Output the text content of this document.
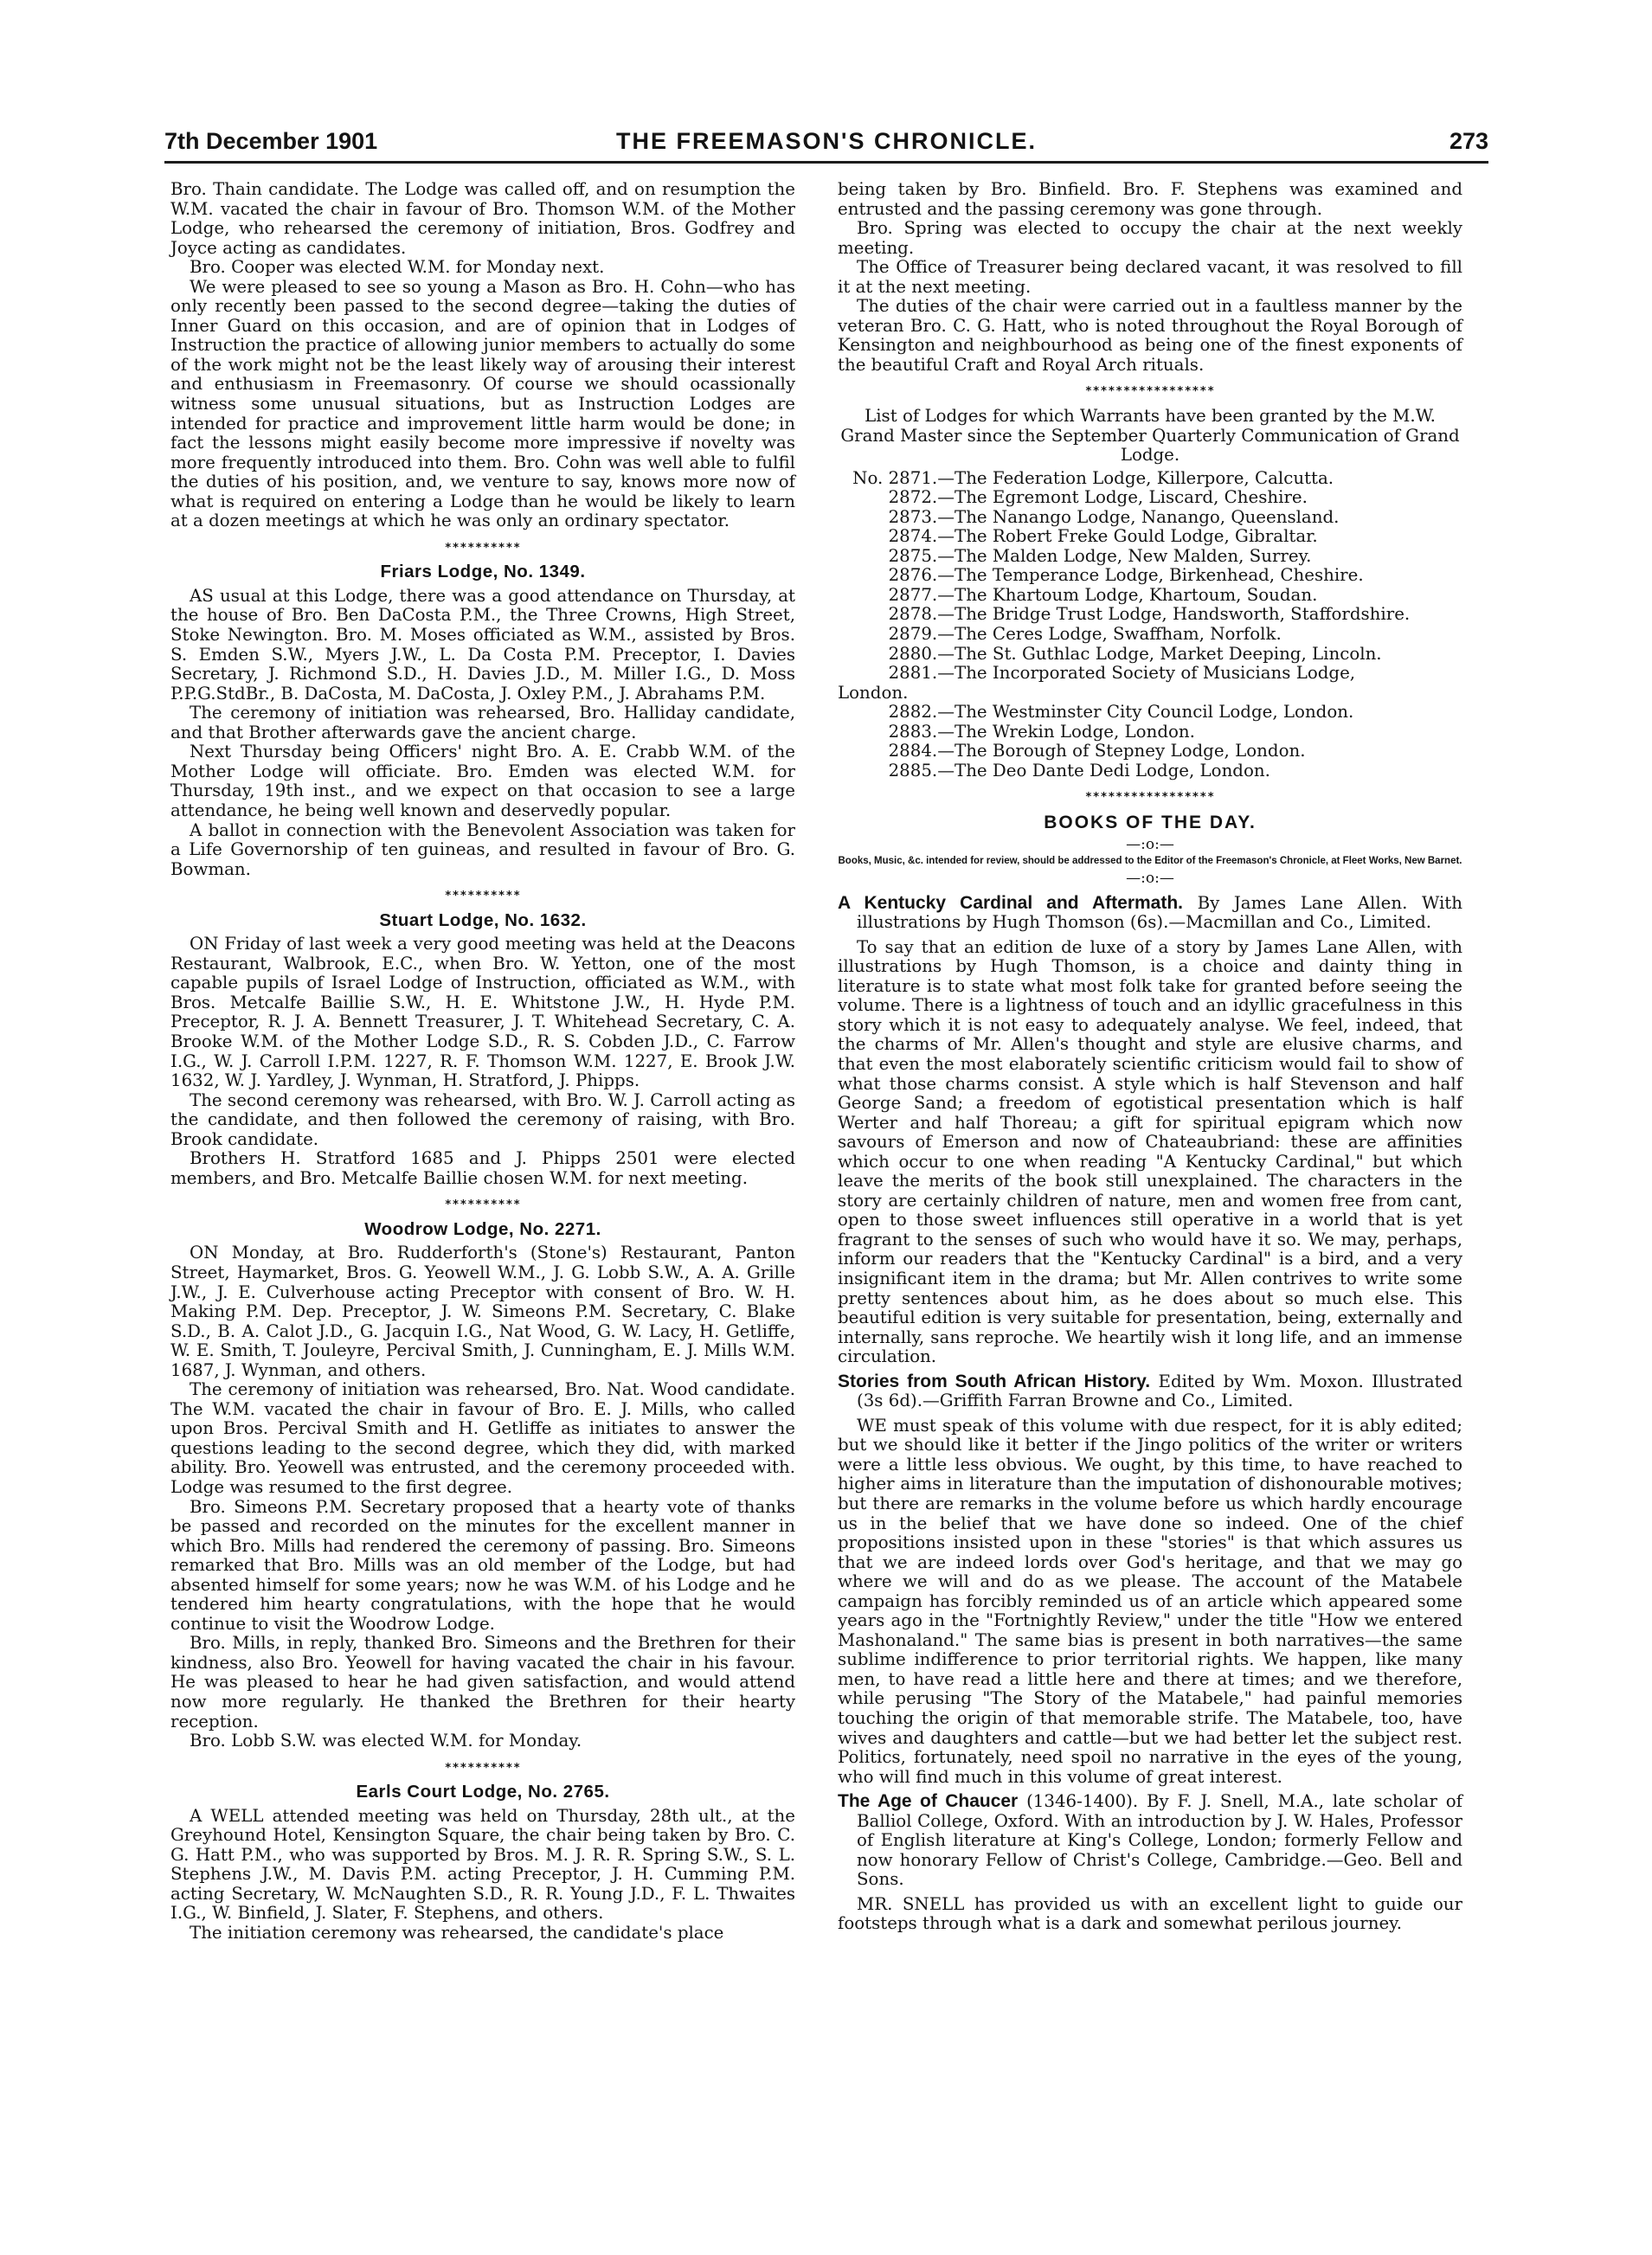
7th December 1901	THE FREEMASON'S CHRONICLE.	273

Bro. Thain candidate. The Lodge was called off, and on resumption the W.M. vacated the chair in favour of Bro. Thomson W.M. of the Mother Lodge, who rehearsed the ceremony of initiation, Bros. Godfrey and Joyce acting as candidates.

Bro. Cooper was elected W.M. for Monday next.

We were pleased to see so young a Mason as Bro. H. Cohn—who has only recently been passed to the second degree—taking the duties of Inner Guard on this occasion, and are of opinion that in Lodges of Instruction the practice of allowing junior members to actually do some of the work might not be the least likely way of arousing their interest and enthusiasm in Freemasonry. Of course we should ocassionally witness some unusual situations, but as Instruction Lodges are intended for practice and improvement little harm would be done; in fact the lessons might easily become more impressive if novelty was more frequently introduced into them. Bro. Cohn was well able to fulfil the duties of his position, and, we venture to say, knows more now of what is required on entering a Lodge than he would be likely to learn at a dozen meetings at which he was only an ordinary spectator.

**********
Friars Lodge, No. 1349.

AS usual at this Lodge, there was a good attendance on Thursday, at the house of Bro. Ben DaCosta P.M., the Three Crowns, High Street, Stoke Newington. Bro. M. Moses officiated as W.M., assisted by Bros. S. Emden S.W., Myers J.W., L. Da Costa P.M. Preceptor, I. Davies Secretary, J. Richmond S.D., H. Davies J.D., M. Miller I.G., D. Moss P.P.G.StdBr., B. DaCosta, M. DaCosta, J. Oxley P.M., J. Abrahams P.M.

The ceremony of initiation was rehearsed, Bro. Halliday candidate, and that Brother afterwards gave the ancient charge.

Next Thursday being Officers' night Bro. A. E. Crabb W.M. of the Mother Lodge will officiate. Bro. Emden was elected W.M. for Thursday, 19th inst., and we expect on that occasion to see a large attendance, he being well known and deservedly popular.

A ballot in connection with the Benevolent Association was taken for a Life Governorship of ten guineas, and resulted in favour of Bro. G. Bowman.

**********
Stuart Lodge, No. 1632.

ON Friday of last week a very good meeting was held at the Deacons Restaurant, Walbrook, E.C., when Bro. W. Yetton, one of the most capable pupils of Israel Lodge of Instruction, officiated as W.M., with Bros. Metcalfe Baillie S.W., H. E. Whitstone J.W., H. Hyde P.M. Preceptor, R. J. A. Bennett Treasurer, J. T. Whitehead Secretary, C. A. Brooke W.M. of the Mother Lodge S.D., R. S. Cobden J.D., C. Farrow I.G., W. J. Carroll I.P.M. 1227, R. F. Thomson W.M. 1227, E. Brook J.W. 1632, W. J. Yardley, J. Wynman, H. Stratford, J. Phipps.

The second ceremony was rehearsed, with Bro. W. J. Carroll acting as the candidate, and then followed the ceremony of raising, with Bro. Brook candidate.

Brothers H. Stratford 1685 and J. Phipps 2501 were elected members, and Bro. Metcalfe Baillie chosen W.M. for next meeting.

**********
Woodrow Lodge, No. 2271.

ON Monday, at Bro. Rudderforth's (Stone's) Restaurant, Panton Street, Haymarket, Bros. G. Yeowell W.M., J. G. Lobb S.W., A. A. Grille J.W., J. E. Culverhouse acting Preceptor with consent of Bro. W. H. Making P.M. Dep. Preceptor, J. W. Simeons P.M. Secretary, C. Blake S.D., B. A. Calot J.D., G. Jacquin I.G., Nat Wood, G. W. Lacy, H. Getliffe, W. E. Smith, T. Jouleyre, Percival Smith, J. Cunningham, E. J. Mills W.M. 1687, J. Wynman, and others.

The ceremony of initiation was rehearsed, Bro. Nat. Wood candidate. The W.M. vacated the chair in favour of Bro. E. J. Mills, who called upon Bros. Percival Smith and H. Getliffe as initiates to answer the questions leading to the second degree, which they did, with marked ability. Bro. Yeowell was entrusted, and the ceremony proceeded with. Lodge was resumed to the first degree.

Bro. Simeons P.M. Secretary proposed that a hearty vote of thanks be passed and recorded on the minutes for the excellent manner in which Bro. Mills had rendered the ceremony of passing. Bro. Simeons remarked that Bro. Mills was an old member of the Lodge, but had absented himself for some years; now he was W.M. of his Lodge and he tendered him hearty congratulations, with the hope that he would continue to visit the Woodrow Lodge.

Bro. Mills, in reply, thanked Bro. Simeons and the Brethren for their kindness, also Bro. Yeowell for having vacated the chair in his favour. He was pleased to hear he had given satisfaction, and would attend now more regularly. He thanked the Brethren for their hearty reception.

Bro. Lobb S.W. was elected W.M. for Monday.

**********
Earls Court Lodge, No. 2765.

A WELL attended meeting was held on Thursday, 28th ult., at the Greyhound Hotel, Kensington Square, the chair being taken by Bro. C. G. Hatt P.M., who was supported by Bros. M. J. R. R. Spring S.W., S. L. Stephens J.W., M. Davis P.M. acting Preceptor, J. H. Cumming P.M. acting Secretary, W. McNaughten S.D., R. R. Young J.D., F. L. Thwaites I.G., W. Binfield, J. Slater, F. Stephens, and others.

The initiation ceremony was rehearsed, the candidate's place

being taken by Bro. Binfield. Bro. F. Stephens was examined and entrusted and the passing ceremony was gone through.

Bro. Spring was elected to occupy the chair at the next weekly meeting.

The Office of Treasurer being declared vacant, it was resolved to fill it at the next meeting.

The duties of the chair were carried out in a faultless manner by the veteran Bro. C. G. Hatt, who is noted throughout the Royal Borough of Kensington and neighbourhood as being one of the finest exponents of the beautiful Craft and Royal Arch rituals.

*****************
List of Lodges for which Warrants have been granted by the M.W. Grand Master since the September Quarterly Communication of Grand Lodge.
No. 2871.— The Federation Lodge, Killerpore, Calcutta.
2872.— The Egremont Lodge, Liscard, Cheshire.
2873.— The Nanango Lodge, Nanango, Queensland.
2874.— The Robert Freke Gould Lodge, Gibraltar.
2875.— The Malden Lodge, New Malden, Surrey.
2876.— The Temperance Lodge, Birkenhead, Cheshire.
2877.— The Khartoum Lodge, Khartoum, Soudan.
2878.— The Bridge Trust Lodge, Handsworth, Staffordshire.
2879.— The Ceres Lodge, Swaffham, Norfolk.
2880.— The St. Guthlac Lodge, Market Deeping, Lincoln.
2881.— The Incorporated Society of Musicians Lodge,
London.
2882.— The Westminster City Council Lodge, London.
2883.— The Wrekin Lodge, London.
2884.— The Borough of Stepney Lodge, London.
2885.— The Deo Dante Dedi Lodge, London.
*****************
BOOKS OF THE DAY.
—:o:—
Books, Music, &c. intended for review, should be addressed to the Editor of the Freemason's Chronicle, at Fleet Works, New Barnet.
—:o:—
A Kentucky Cardinal and Aftermath. By James Lane Allen. With illustrations by Hugh Thomson (6s).—Macmillan and Co., Limited.

To say that an edition de luxe of a story by James Lane Allen, with illustrations by Hugh Thomson, is a choice and dainty thing in literature is to state what most folk take for granted before seeing the volume. There is a lightness of touch and an idyllic gracefulness in this story which it is not easy to adequately analyse. We feel, indeed, that the charms of Mr. Allen's thought and style are elusive charms, and that even the most elaborately scientific criticism would fail to show of what those charms consist. A style which is half Stevenson and half George Sand; a freedom of egotistical presentation which is half Werter and half Thoreau; a gift for spiritual epigram which now savours of Emerson and now of Chateaubriand: these are affinities which occur to one when reading "A Kentucky Cardinal," but which leave the merits of the book still unexplained. The characters in the story are certainly children of nature, men and women free from cant, open to those sweet influences still operative in a world that is yet fragrant to the senses of such who would have it so. We may, perhaps, inform our readers that the "Kentucky Cardinal" is a bird, and a very insignificant item in the drama; but Mr. Allen contrives to write some pretty sentences about him, as he does about so much else. This beautiful edition is very suitable for presentation, being, externally and internally, sans reproche. We heartily wish it long life, and an immense circulation.

Stories from South African History. Edited by Wm. Moxon. Illustrated (3s 6d).—Griffith Farran Browne and Co., Limited.

WE must speak of this volume with due respect, for it is ably edited; but we should like it better if the Jingo politics of the writer or writers were a little less obvious. We ought, by this time, to have reached to higher aims in literature than the imputation of dishonourable motives; but there are remarks in the volume before us which hardly encourage us in the belief that we have done so indeed. One of the chief propositions insisted upon in these "stories" is that which assures us that we are indeed lords over God's heritage, and that we may go where we will and do as we please. The account of the Matabele campaign has forcibly reminded us of an article which appeared some years ago in the "Fortnightly Review," under the title "How we entered Mashonaland." The same bias is present in both narratives—the same sublime indifference to prior territorial rights. We happen, like many men, to have read a little here and there at times; and we therefore, while perusing "The Story of the Matabele," had painful memories touching the origin of that memorable strife. The Matabele, too, have wives and daughters and cattle—but we had better let the subject rest. Politics, fortunately, need spoil no narrative in the eyes of the young, who will find much in this volume of great interest.

The Age of Chaucer (1346-1400). By F. J. Snell, M.A., late scholar of Balliol College, Oxford. With an introduction by J. W. Hales, Professor of English literature at King's College, London; formerly Fellow and now honorary Fellow of Christ's College, Cambridge.—Geo. Bell and Sons.

MR. SNELL has provided us with an excellent light to guide our footsteps through what is a dark and somewhat perilous journey.
